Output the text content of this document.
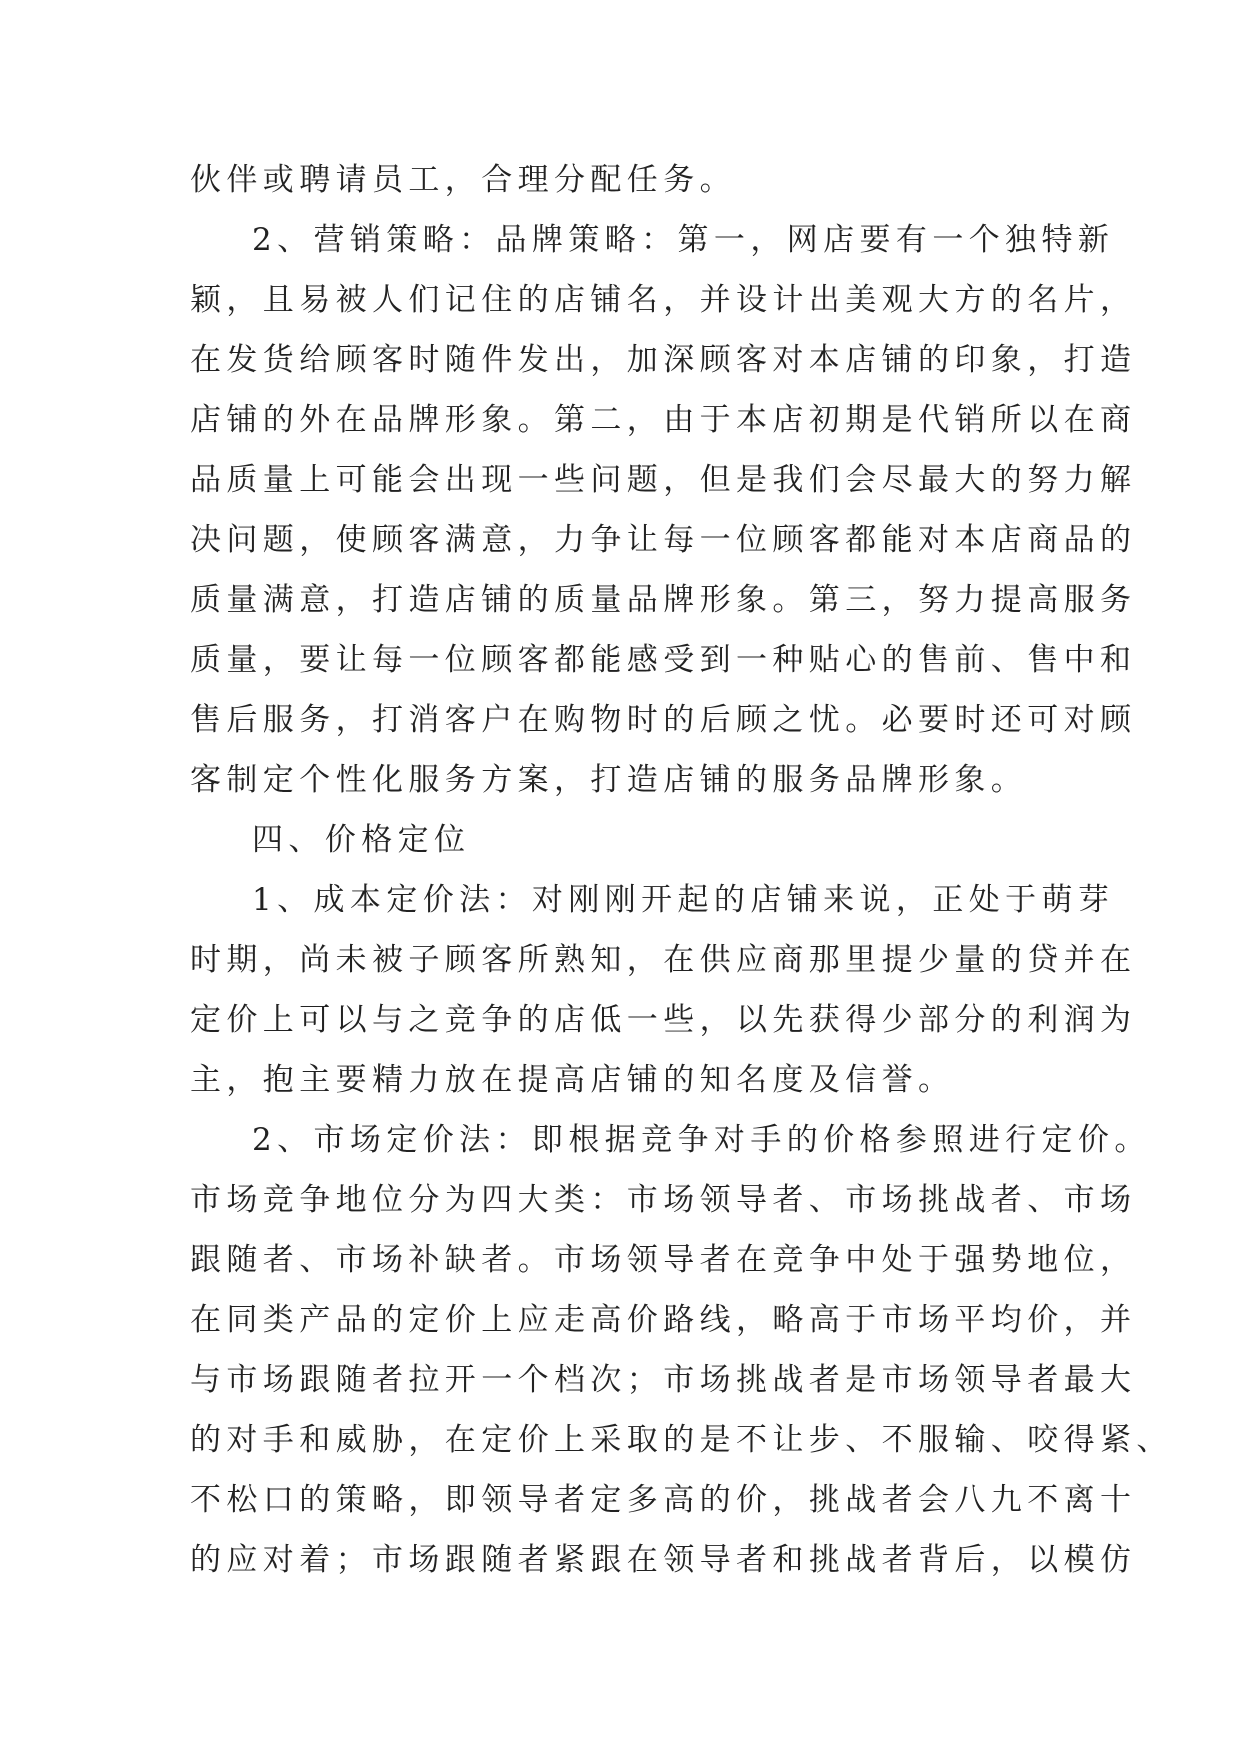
伙伴或聘请员工，合理分配任务。
2、营销策略：品牌策略：第一，网店要有一个独特新
颖，且易被人们记住的店铺名，并设计出美观大方的名片，
在发货给顾客时随件发出，加深顾客对本店铺的印象，打造
店铺的外在品牌形象。第二，由于本店初期是代销所以在商
品质量上可能会出现一些问题，但是我们会尽最大的努力解
决问题，使顾客满意，力争让每一位顾客都能对本店商品的
质量满意，打造店铺的质量品牌形象。第三，努力提高服务
质量，要让每一位顾客都能感受到一种贴心的售前、售中和
售后服务，打消客户在购物时的后顾之忧。必要时还可对顾
客制定个性化服务方案，打造店铺的服务品牌形象。
四、价格定位
1、成本定价法：对刚刚开起的店铺来说，正处于萌芽
时期，尚未被子顾客所熟知，在供应商那里提少量的贷并在
定价上可以与之竞争的店低一些，以先获得少部分的利润为
主，抱主要精力放在提高店铺的知名度及信誉。
2、市场定价法：即根据竞争对手的价格参照进行定价。
市场竞争地位分为四大类：市场领导者、市场挑战者、市场
跟随者、市场补缺者。市场领导者在竞争中处于强势地位，
在同类产品的定价上应走高价路线，略高于市场平均价，并
与市场跟随者拉开一个档次；市场挑战者是市场领导者最大
的对手和威胁，在定价上采取的是不让步、不服输、咬得紧、
不松口的策略，即领导者定多高的价，挑战者会八九不离十
的应对着；市场跟随者紧跟在领导者和挑战者背后，以模仿
